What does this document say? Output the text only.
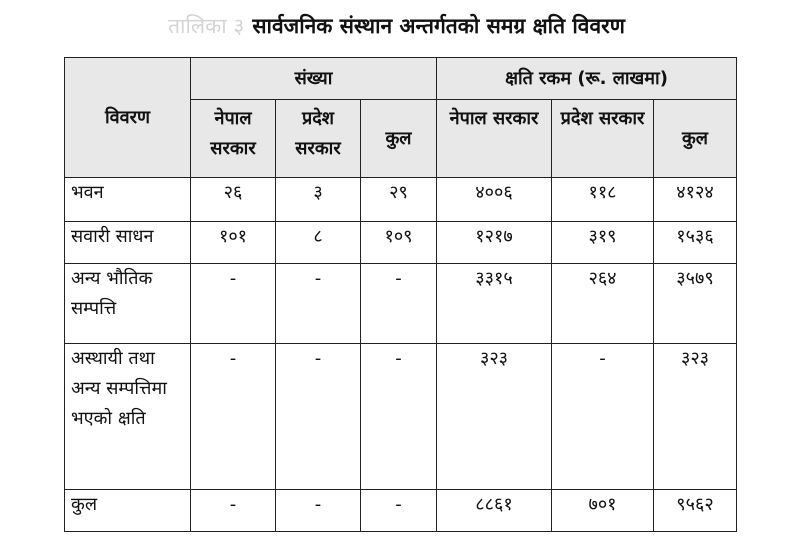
तालिका ३ सार्वजनिक संस्थान अन्तर्गतको समग्र क्षति विवरण
विवरण	संख्या			क्षति रकम (रू. लाखमा)		
	नेपाल सरकार	प्रदेश सरकार	कुल	नेपाल सरकार	प्रदेश सरकार	कुल
भवन	२६	३	२९	४००६	११८	४१२४
सवारी साधन	१०१	८	१०९	१२१७	३१९	१५३६
अन्य भौतिक सम्पत्ति	-	-	-	३३१५	२६४	३५७९
अस्थायी तथा अन्य सम्पत्तिमा भएको क्षति	-	-	-	३२३	-	३२३
कुल	-	-	-	८८६१	७०१	९५६२
